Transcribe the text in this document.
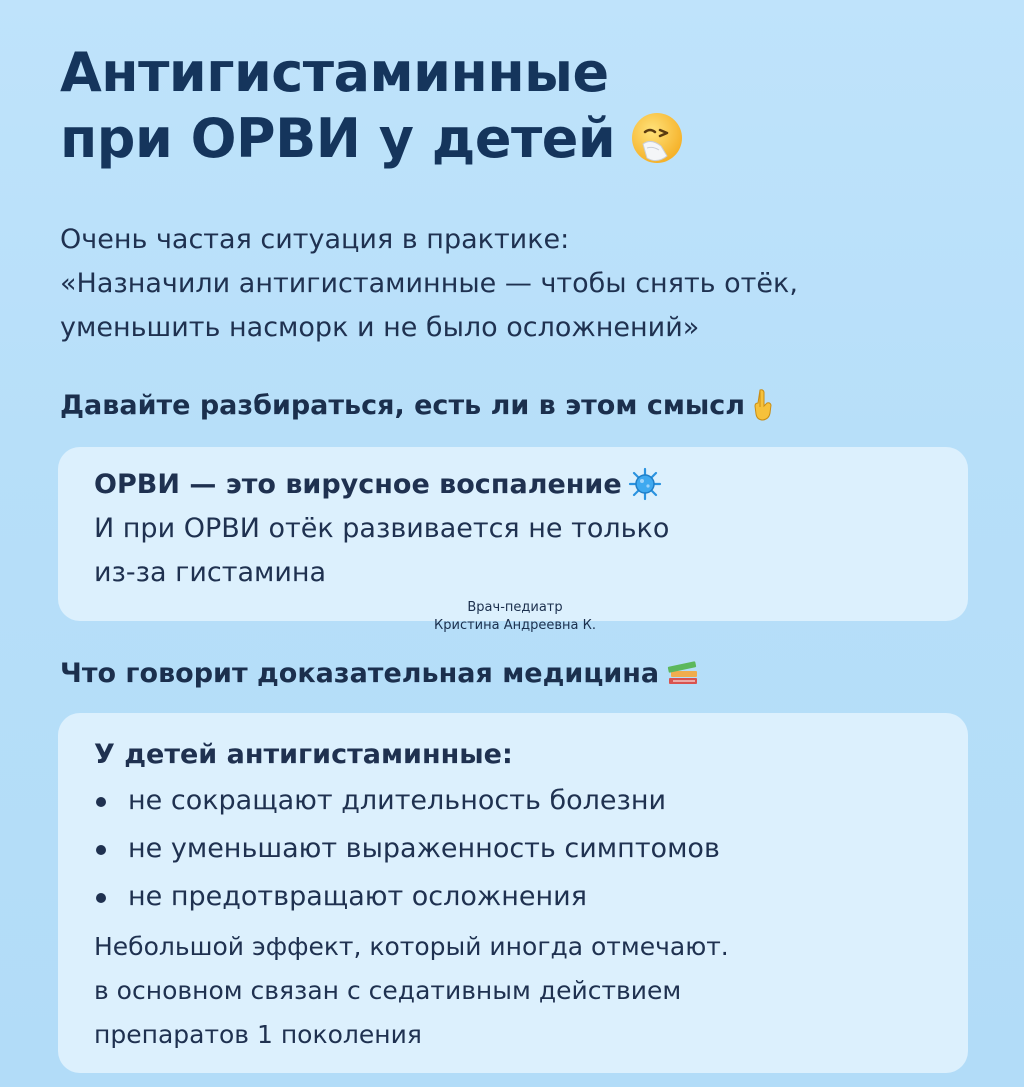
Антигистаминные
при ОРВИ у детей
Очень частая ситуация в практике:
«Назначили антигистаминные — чтобы снять отёк,
уменьшить насморк и не было осложнений»
Давайте разбираться, есть ли в этом смысл
ОРВИ — это вирусное воспаление
И при ОРВИ отёк развивается не только
из-за гистамина
Врач-педиатр
Кристина Андреевна К.
Что говорит доказательная медицина
У детей антигистаминные:
не сокращают длительность болезни
не уменьшают выраженность симптомов
не предотвращают осложнения
Небольшой эффект, который иногда отмечают.
в основном связан с седативным действием
препаратов 1 поколения
